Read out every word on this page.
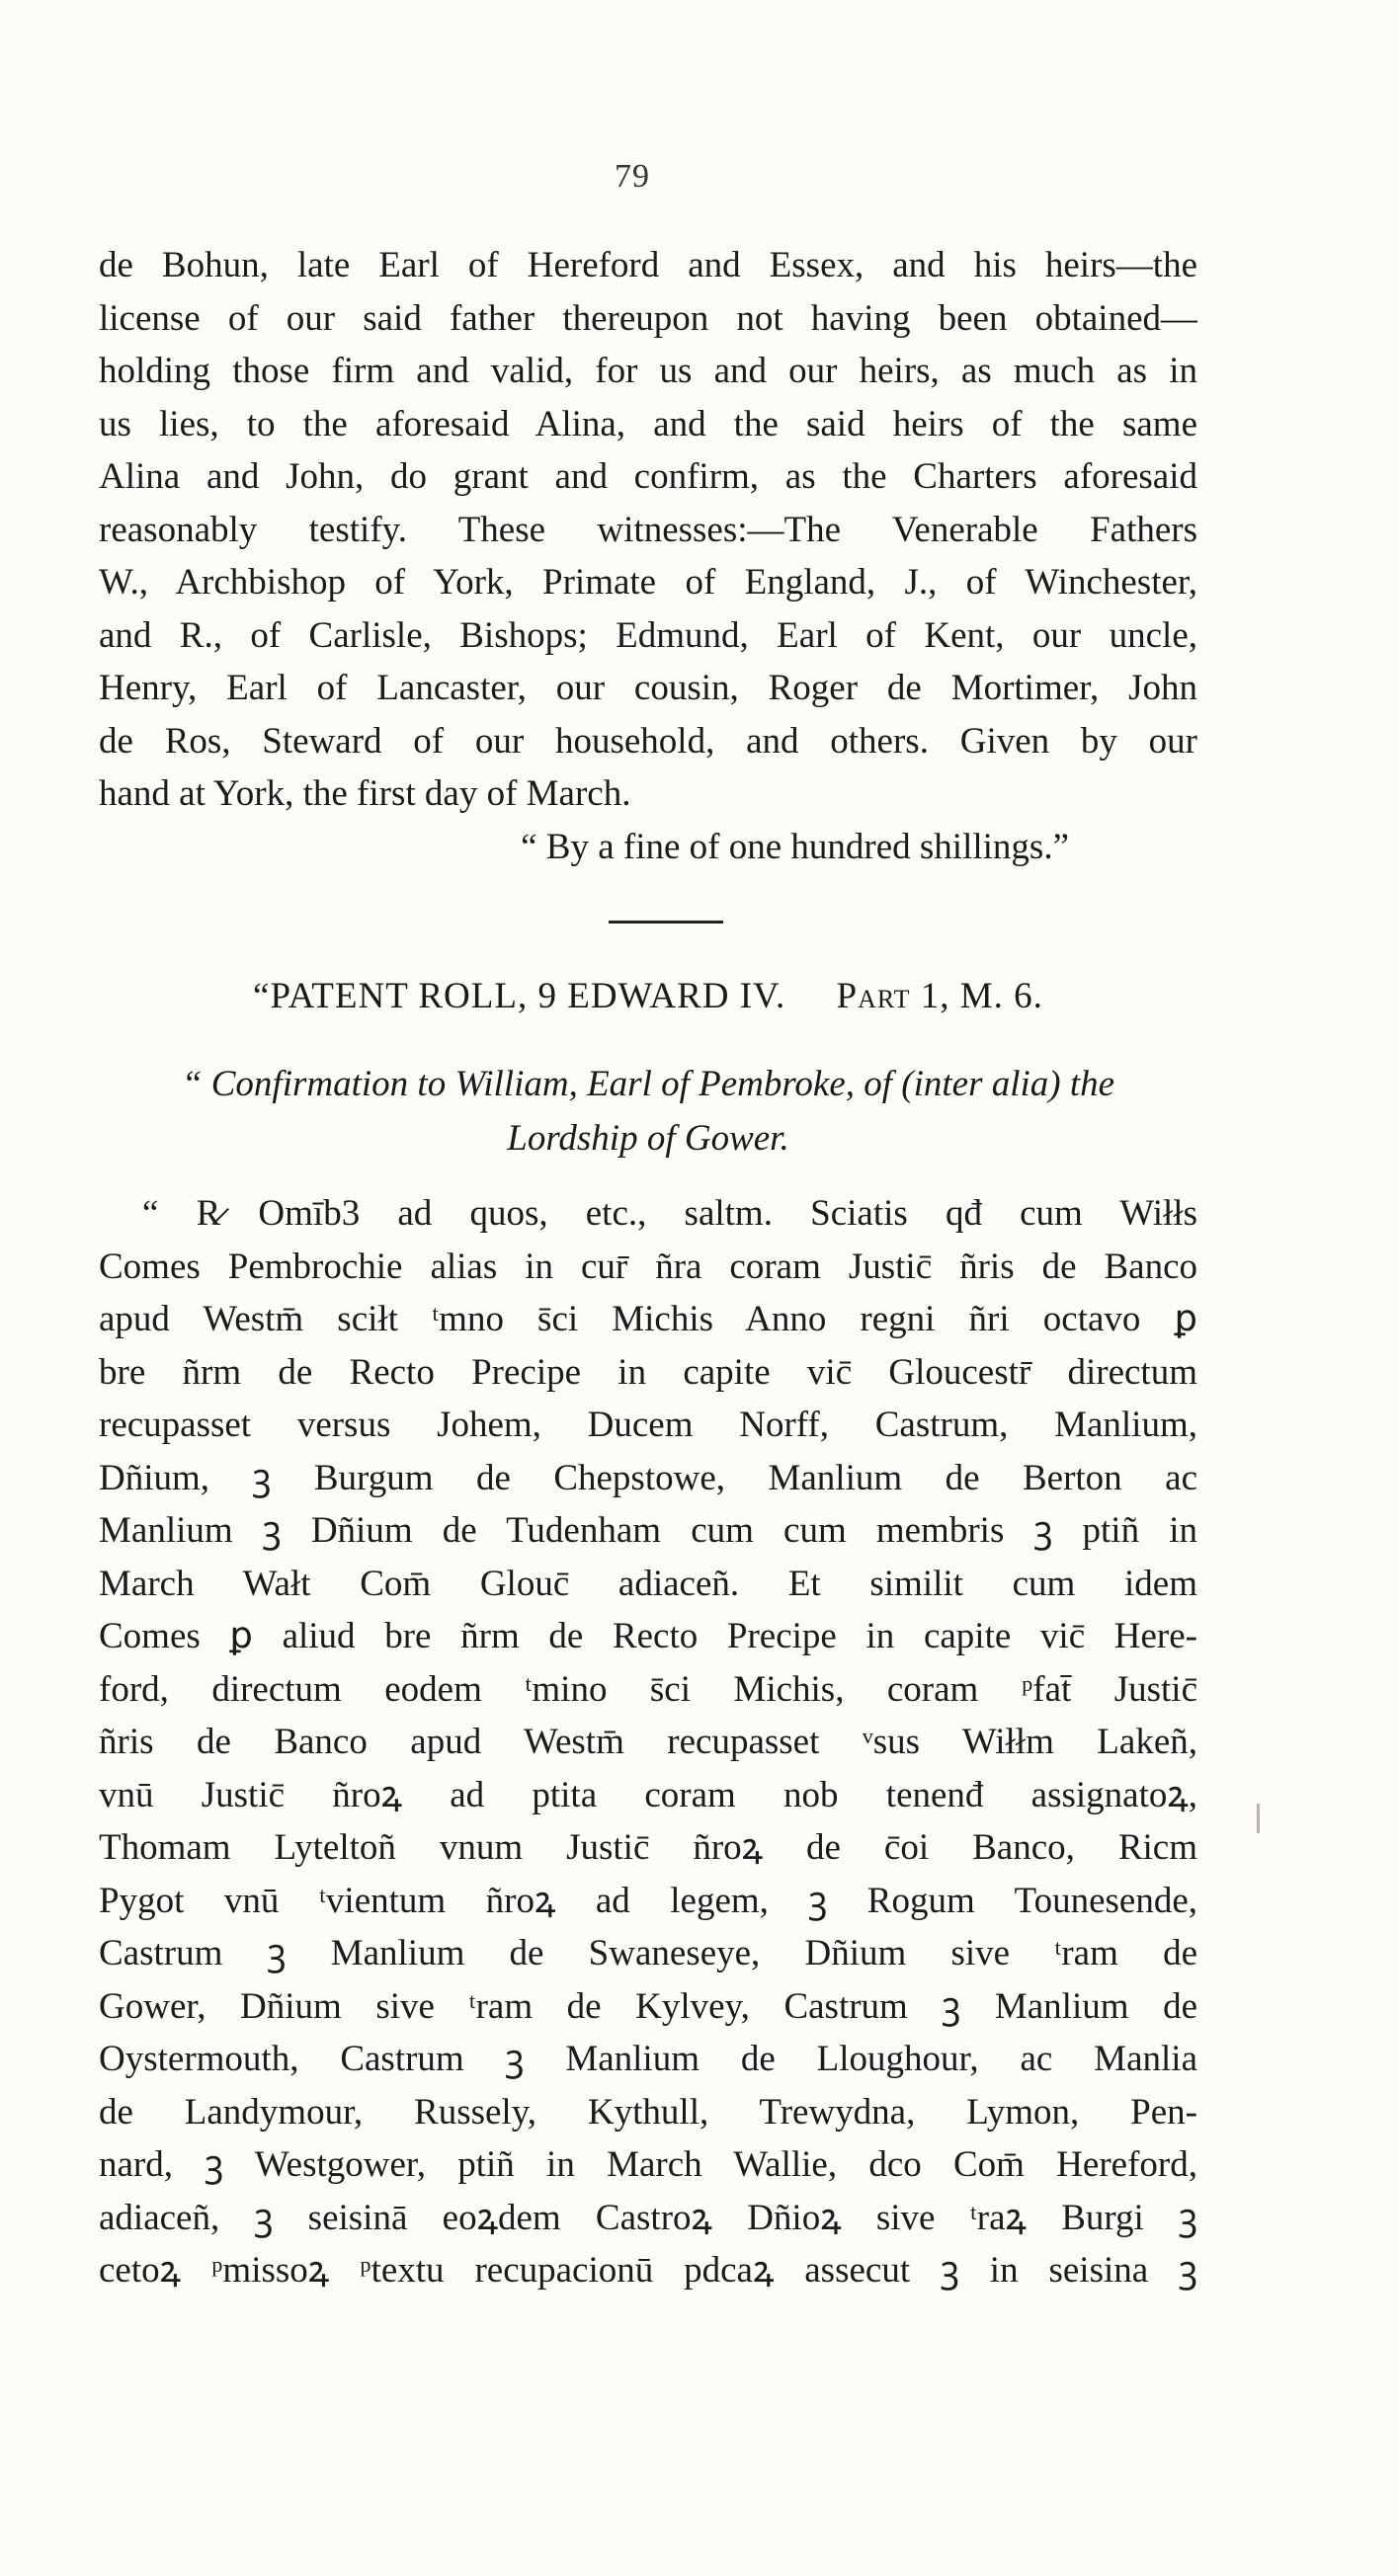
79
de Bohun, late Earl of Hereford and Essex, and his heirs—the
license of our said father thereupon not having been obtained—
holding those firm and valid, for us and our heirs, as much as in
us lies, to the aforesaid Alina, and the said heirs of the same
Alina and John, do grant and confirm, as the Charters aforesaid
reasonably testify. These witnesses:—The Venerable Fathers
W., Archbishop of York, Primate of England, J., of Winchester,
and R., of Carlisle, Bishops; Edmund, Earl of Kent, our uncle,
Henry, Earl of Lancaster, our cousin, Roger de Mortimer, John
de Ros, Steward of our household, and others. Given by our
hand at York, the first day of March.
“ By a fine of one hundred shillings.”
“PATENT ROLL, 9 EDWARD IV. Part 1, M. 6.
“ Confirmation to William, Earl of Pembroke, of (inter alia) the
Lordship of Gower.
“ R̷ Omīb3 ad quos, etc., saltm. Sciatis qđ cum Wiłłs
Comes Pembrochie alias in cur̄ ñra coram Justic̄ ñris de Banco
apud Westm̄ sciłt ᵗmno s̄ci Michis Anno regni ñri octavo ꝑ
bre ñrm de Recto Precipe in capite vic̄ Gloucestr̄ directum
recupasset versus Johem, Ducem Norff, Castrum, Manlium,
Dñium, ꝫ Burgum de Chepstowe, Manlium de Berton ac
Manlium ꝫ Dñium de Tudenham cum cum membris ꝫ ptiñ in
March Wałt Com̄ Glouc̄ adiaceñ. Et similit cum idem
Comes ꝑ aliud bre ñrm de Recto Precipe in capite vic̄ Here-
ford, directum eodem ᵗmino s̄ci Michis, coram ᵖfat̄ Justic̄
ñris de Banco apud Westm̄ recupasset ᵛsus Wiłłm Lakeñ,
vnū Justic̄ ñroꝝ ad ptita coram nob tenenđ assignatoꝝ,
Thomam Lyteltoñ vnum Justic̄ ñroꝝ de c̄oi Banco, Ricm
Pygot vnū ᵗvientum ñroꝝ ad legem, ꝫ Rogum Tounesende,
Castrum ꝫ Manlium de Swaneseye, Dñium sive ᵗram de
Gower, Dñium sive ᵗram de Kylvey, Castrum ꝫ Manlium de
Oystermouth, Castrum ꝫ Manlium de Lloughour, ac Manlia
de Landymour, Russely, Kythull, Trewydna, Lymon, Pen-
nard, ꝫ Westgower, ptiñ in March Wallie, dco Com̄ Hereford,
adiaceñ, ꝫ seisinā eoꝝdem Castroꝝ Dñioꝝ sive ᵗraꝝ Burgi ꝫ
cetoꝝ ᵖmissoꝝ ᵖtextu recupacionū pdcaꝝ assecut ꝫ in seisina ꝫ
